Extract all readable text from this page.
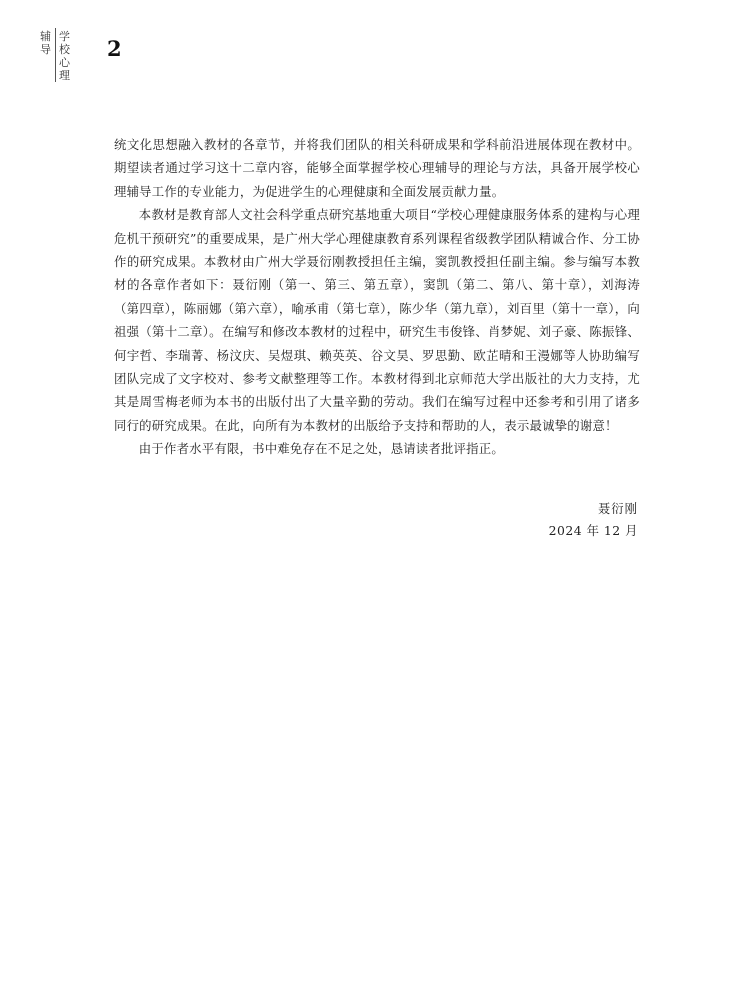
辅
导
学
校
心
理
2

统文化思想融入教材的各章节，并将我们团队的相关科研成果和学科前沿进展体现在教材中。期望读者通过学习这十二章内容，能够全面掌握学校心理辅导的理论与方法，具备开展学校心理辅导工作的专业能力，为促进学生的心理健康和全面发展贡献力量。

本教材是教育部人文社会科学重点研究基地重大项目“学校心理健康服务体系的建构与心理危机干预研究”的重要成果，是广州大学心理健康教育系列课程省级教学团队精诚合作、分工协作的研究成果。本教材由广州大学聂衍刚教授担任主编，窦凯教授担任副主编。参与编写本教材的各章作者如下：聂衍刚（第一、第三、第五章），窦凯（第二、第八、第十章），刘海涛（第四章），陈丽娜（第六章），喻承甫（第七章），陈少华（第九章），刘百里（第十一章），向祖强（第十二章）。在编写和修改本教材的过程中，研究生韦俊锋、肖梦妮、刘子豪、陈振锋、何宇哲、李瑞菁、杨汶庆、吴煜琪、赖英英、谷文昊、罗思勤、欧芷晴和王漫娜等人协助编写团队完成了文字校对、参考文献整理等工作。本教材得到北京师范大学出版社的大力支持，尤其是周雪梅老师为本书的出版付出了大量辛勤的劳动。我们在编写过程中还参考和引用了诸多同行的研究成果。在此，向所有为本教材的出版给予支持和帮助的人，表示最诚挚的谢意！

由于作者水平有限，书中难免存在不足之处，恳请读者批评指正。

聂衍刚
2024 年 12 月
